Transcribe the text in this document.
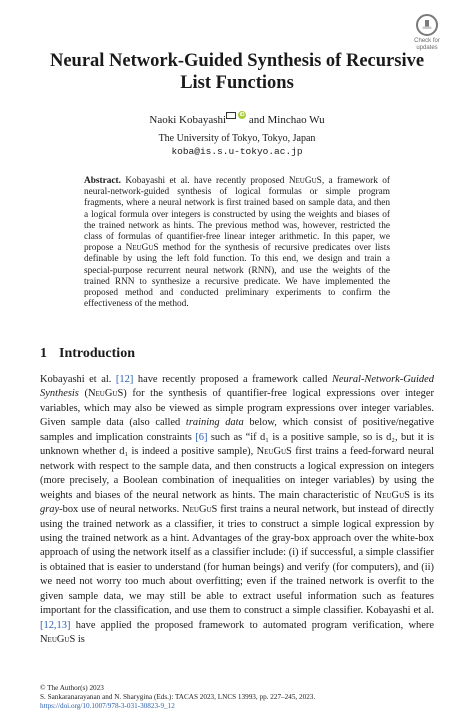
Check for
updates
Neural Network-Guided Synthesis of Recursive
List Functions
Naoki Kobayashi	iD and Minchao Wu
The University of Tokyo, Tokyo, Japan
koba@is.s.u-tokyo.ac.jp
Abstract. Kobayashi et al. have recently proposed NeuGuS, a framework of neural-network-guided synthesis of logical formulas or simple program fragments, where a neural network is first trained based on sample data, and then a logical formula over integers is constructed by using the weights and biases of the trained network as hints. The previous method was, however, restricted the class of formulas of quantifier-free linear integer arithmetic. In this paper, we propose a NeuGuS method for the synthesis of recursive predicates over lists definable by using the left fold function. To this end, we design and train a special-purpose recurrent neural network (RNN), and use the weights of the trained RNN to synthesize a recursive predicate. We have implemented the proposed method and conducted preliminary experiments to confirm the effectiveness of the method.
1 Introduction
Kobayashi et al. [12] have recently proposed a framework called Neural-Network-Guided Synthesis (NeuGuS) for the synthesis of quantifier-free logical expressions over integer variables, which may also be viewed as simple program expressions over integer variables. Given sample data (also called training data below, which consist of positive/negative samples and implication constraints [6] such as “if d₁ is a positive sample, so is d₂, but it is unknown whether d₁ is indeed a positive sample), NeuGuS first trains a feed-forward neural network with respect to the sample data, and then constructs a logical expression on integers (more precisely, a Boolean combination of inequalities on integer variables) by using the weights and biases of the neural network as hints. The main characteristic of NeuGuS is its gray-box use of neural networks. NeuGuS first trains a neural network, but instead of directly using the trained network as a classifier, it tries to construct a simple logical expression by using the trained network as a hint. Advantages of the gray-box approach over the white-box approach of using the network itself as a classifier include: (i) if successful, a simple classifier is obtained that is easier to understand (for human beings) and verify (for computers), and (ii) we need not worry too much about overfitting; even if the trained network is overfit to the given sample data, we may still be able to extract useful information such as features important for the classification, and use them to construct a simple classifier. Kobayashi et al. [12,13] have applied the proposed framework to automated program verification, where NeuGuS is
© The Author(s) 2023
S. Sankaranarayanan and N. Sharygina (Eds.): TACAS 2023, LNCS 13993, pp. 227–245, 2023.
https://doi.org/10.1007/978-3-031-30823-9_12
